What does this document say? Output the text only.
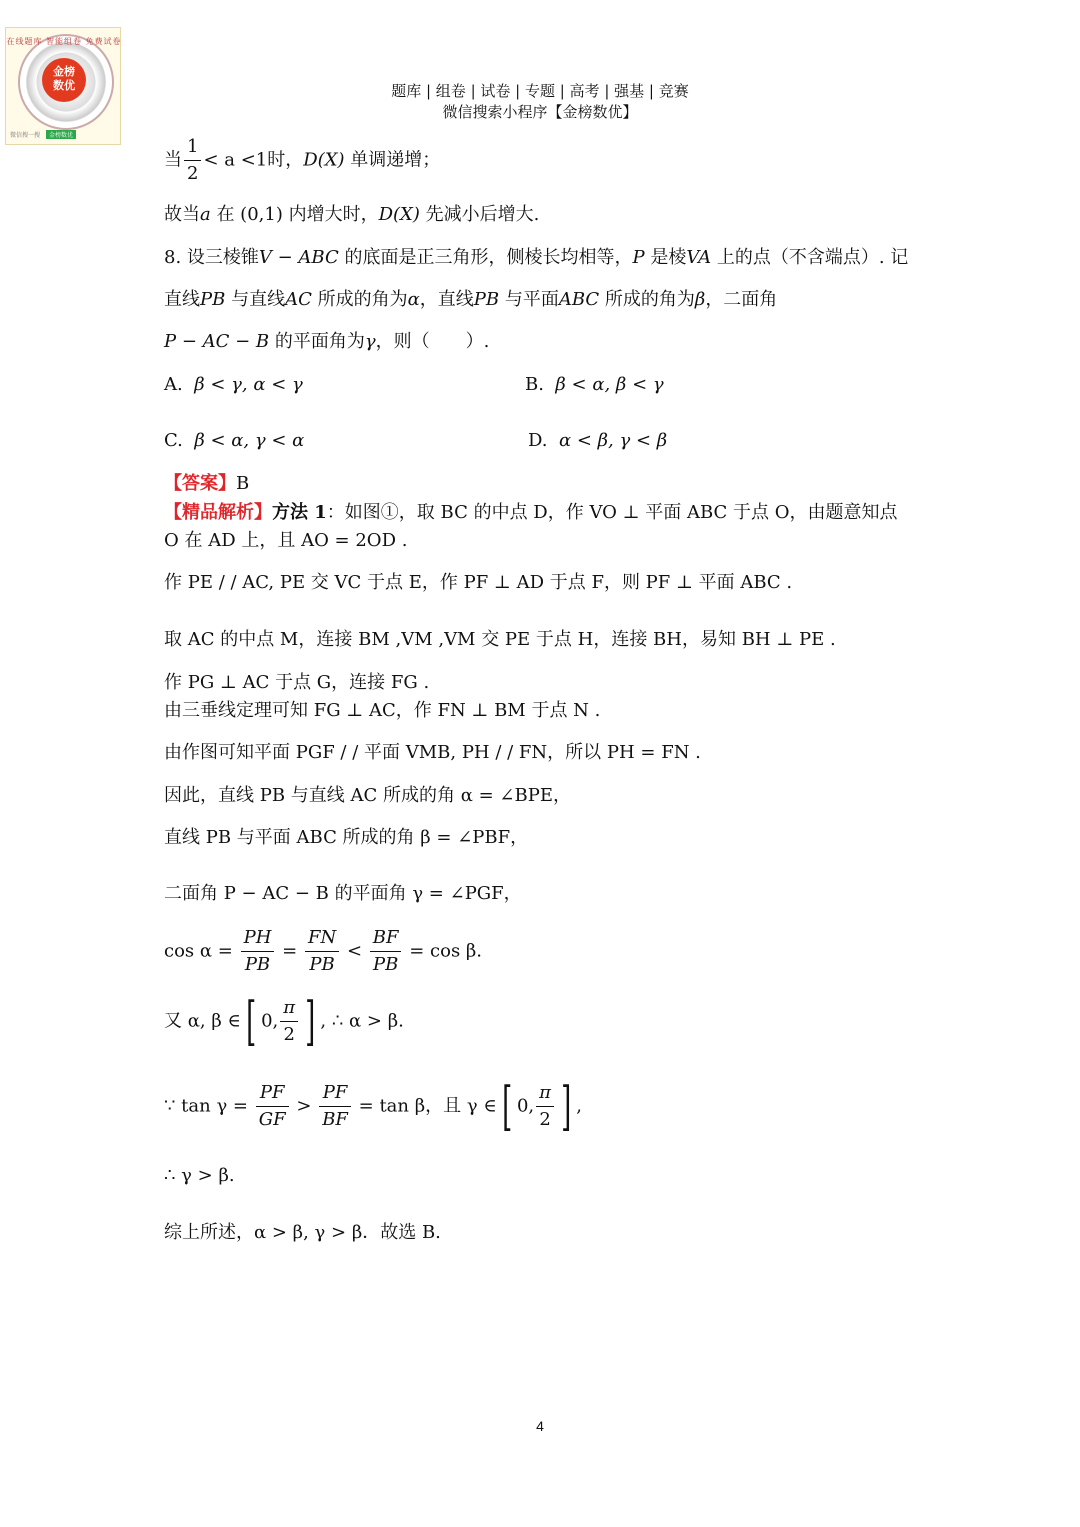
在线题库 智能组卷 免费试卷
金榜
数优
微信搜一搜 金榜数优
题库 | 组卷 | 试卷 | 专题 | 高考 | 强基 | 竞赛
微信搜索小程序【金榜数优】
当 $\frac{1}{2} < a <1$时，D(X) 单调递增；
故当a 在 (0,1) 内增大时，D(X) 先减小后增大.
8. 设三棱锥V − ABC 的底面是正三角形，侧棱长均相等，P 是棱VA 上的点（不含端点）. 记
直线PB 与直线AC 所成的角为α，直线PB 与平面ABC 所成的角为β，二面角
P − AC − B 的平面角为γ，则（　　）.
A. β < γ, α < γ	B. β < α, β < γ
C. β < α, γ < α	D. α < β, γ < β
【答案】B
【精品解析】方法 1：如图①，取 BC 的中点 D，作 VO ⊥ 平面 ABC 于点 O，由题意知点
O 在 AD 上，且 AO = 2OD .
作 PE / / AC, PE 交 VC 于点 E，作 PF ⊥ AD 于点 F，则 PF ⊥ 平面 ABC .
取 AC 的中点 M，连接 BM ,VM ,VM 交 PE 于点 H，连接 BH，易知 BH ⊥ PE .
作 PG ⊥ AC 于点 G，连接 FG .
由三垂线定理可知 FG ⊥ AC，作 FN ⊥ BM 于点 N .
由作图可知平面 PGF / / 平面 VMB, PH / / FN，所以 PH = FN .
因此，直线 PB 与直线 AC 所成的角 α = ∠BPE，
直线 PB 与平面 ABC 所成的角 β = ∠PBF，
二面角 P − AC − B 的平面角 γ = ∠PGF，
$\cos \alpha = \frac{PH}{PB} = \frac{FN}{PB} < \frac{BF}{PB} = \cos \beta$.
又 α, β ∈[ 0, $\frac{\pi}{2}$ ] , ∴ α > β.
∵ $\tan \gamma = \frac{PF}{GF} > \frac{PF}{BF} = \tan \beta$，且 γ ∈[ 0, $\frac{\pi}{2}$ ] ,
∴ γ > β.
综上所述，α > β, γ > β．故选 B.
4
